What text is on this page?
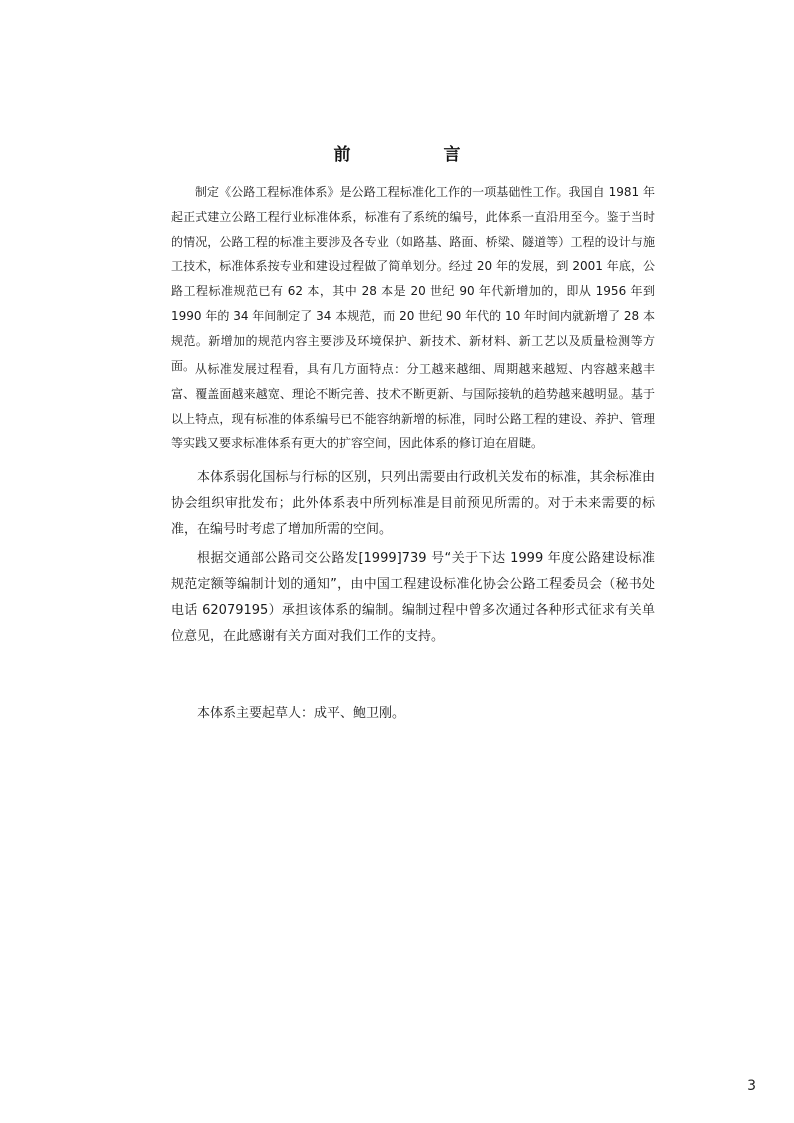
前　言

制定《公路工程标准体系》是公路工程标准化工作的一项基础性工作。我国自 1981 年起正式建立公路工程行业标准体系，标准有了系统的编号，此体系一直沿用至今。鉴于当时的情况，公路工程的标准主要涉及各专业（如路基、路面、桥梁、隧道等）工程的设计与施工技术，标准体系按专业和建设过程做了简单划分。经过 20 年的发展，到 2001 年底，公路工程标准规范已有 62 本，其中 28 本是 20 世纪 90 年代新增加的，即从 1956 年到 1990 年的 34 年间制定了 34 本规范，而 20 世纪 90 年代的 10 年时间内就新增了 28 本规范。新增加的规范内容主要涉及环境保护、新技术、新材料、新工艺以及质量检测等方面。 从标准发展过程看，具有几方面特点：分工越来越细、周期越来越短、内容越来越丰富、覆盖面越来越宽、理论不断完善、技术不断更新、与国际接轨的趋势越来越明显。基于以上特点，现有标准的体系编号已不能容纳新增的标准，同时公路工程的建设、养护、管理等实践又要求标准体系有更大的扩容空间，因此体系的修订迫在眉睫。

本体系弱化国标与行标的区别，只列出需要由行政机关发布的标准，其余标准由协会组织审批发布；此外体系表中所列标准是目前预见所需的。对于未来需要的标准，在编号时考虑了增加所需的空间。

根据交通部公路司交公路发[1999]739 号“关于下达 1999 年度公路建设标准规范定额等编制计划的通知”，由中国工程建设标准化协会公路工程委员会（秘书处电话 62079195）承担该体系的编制。编制过程中曾多次通过各种形式征求有关单位意见，在此感谢有关方面对我们工作的支持。

本体系主要起草人：成平、鲍卫刚。

3
